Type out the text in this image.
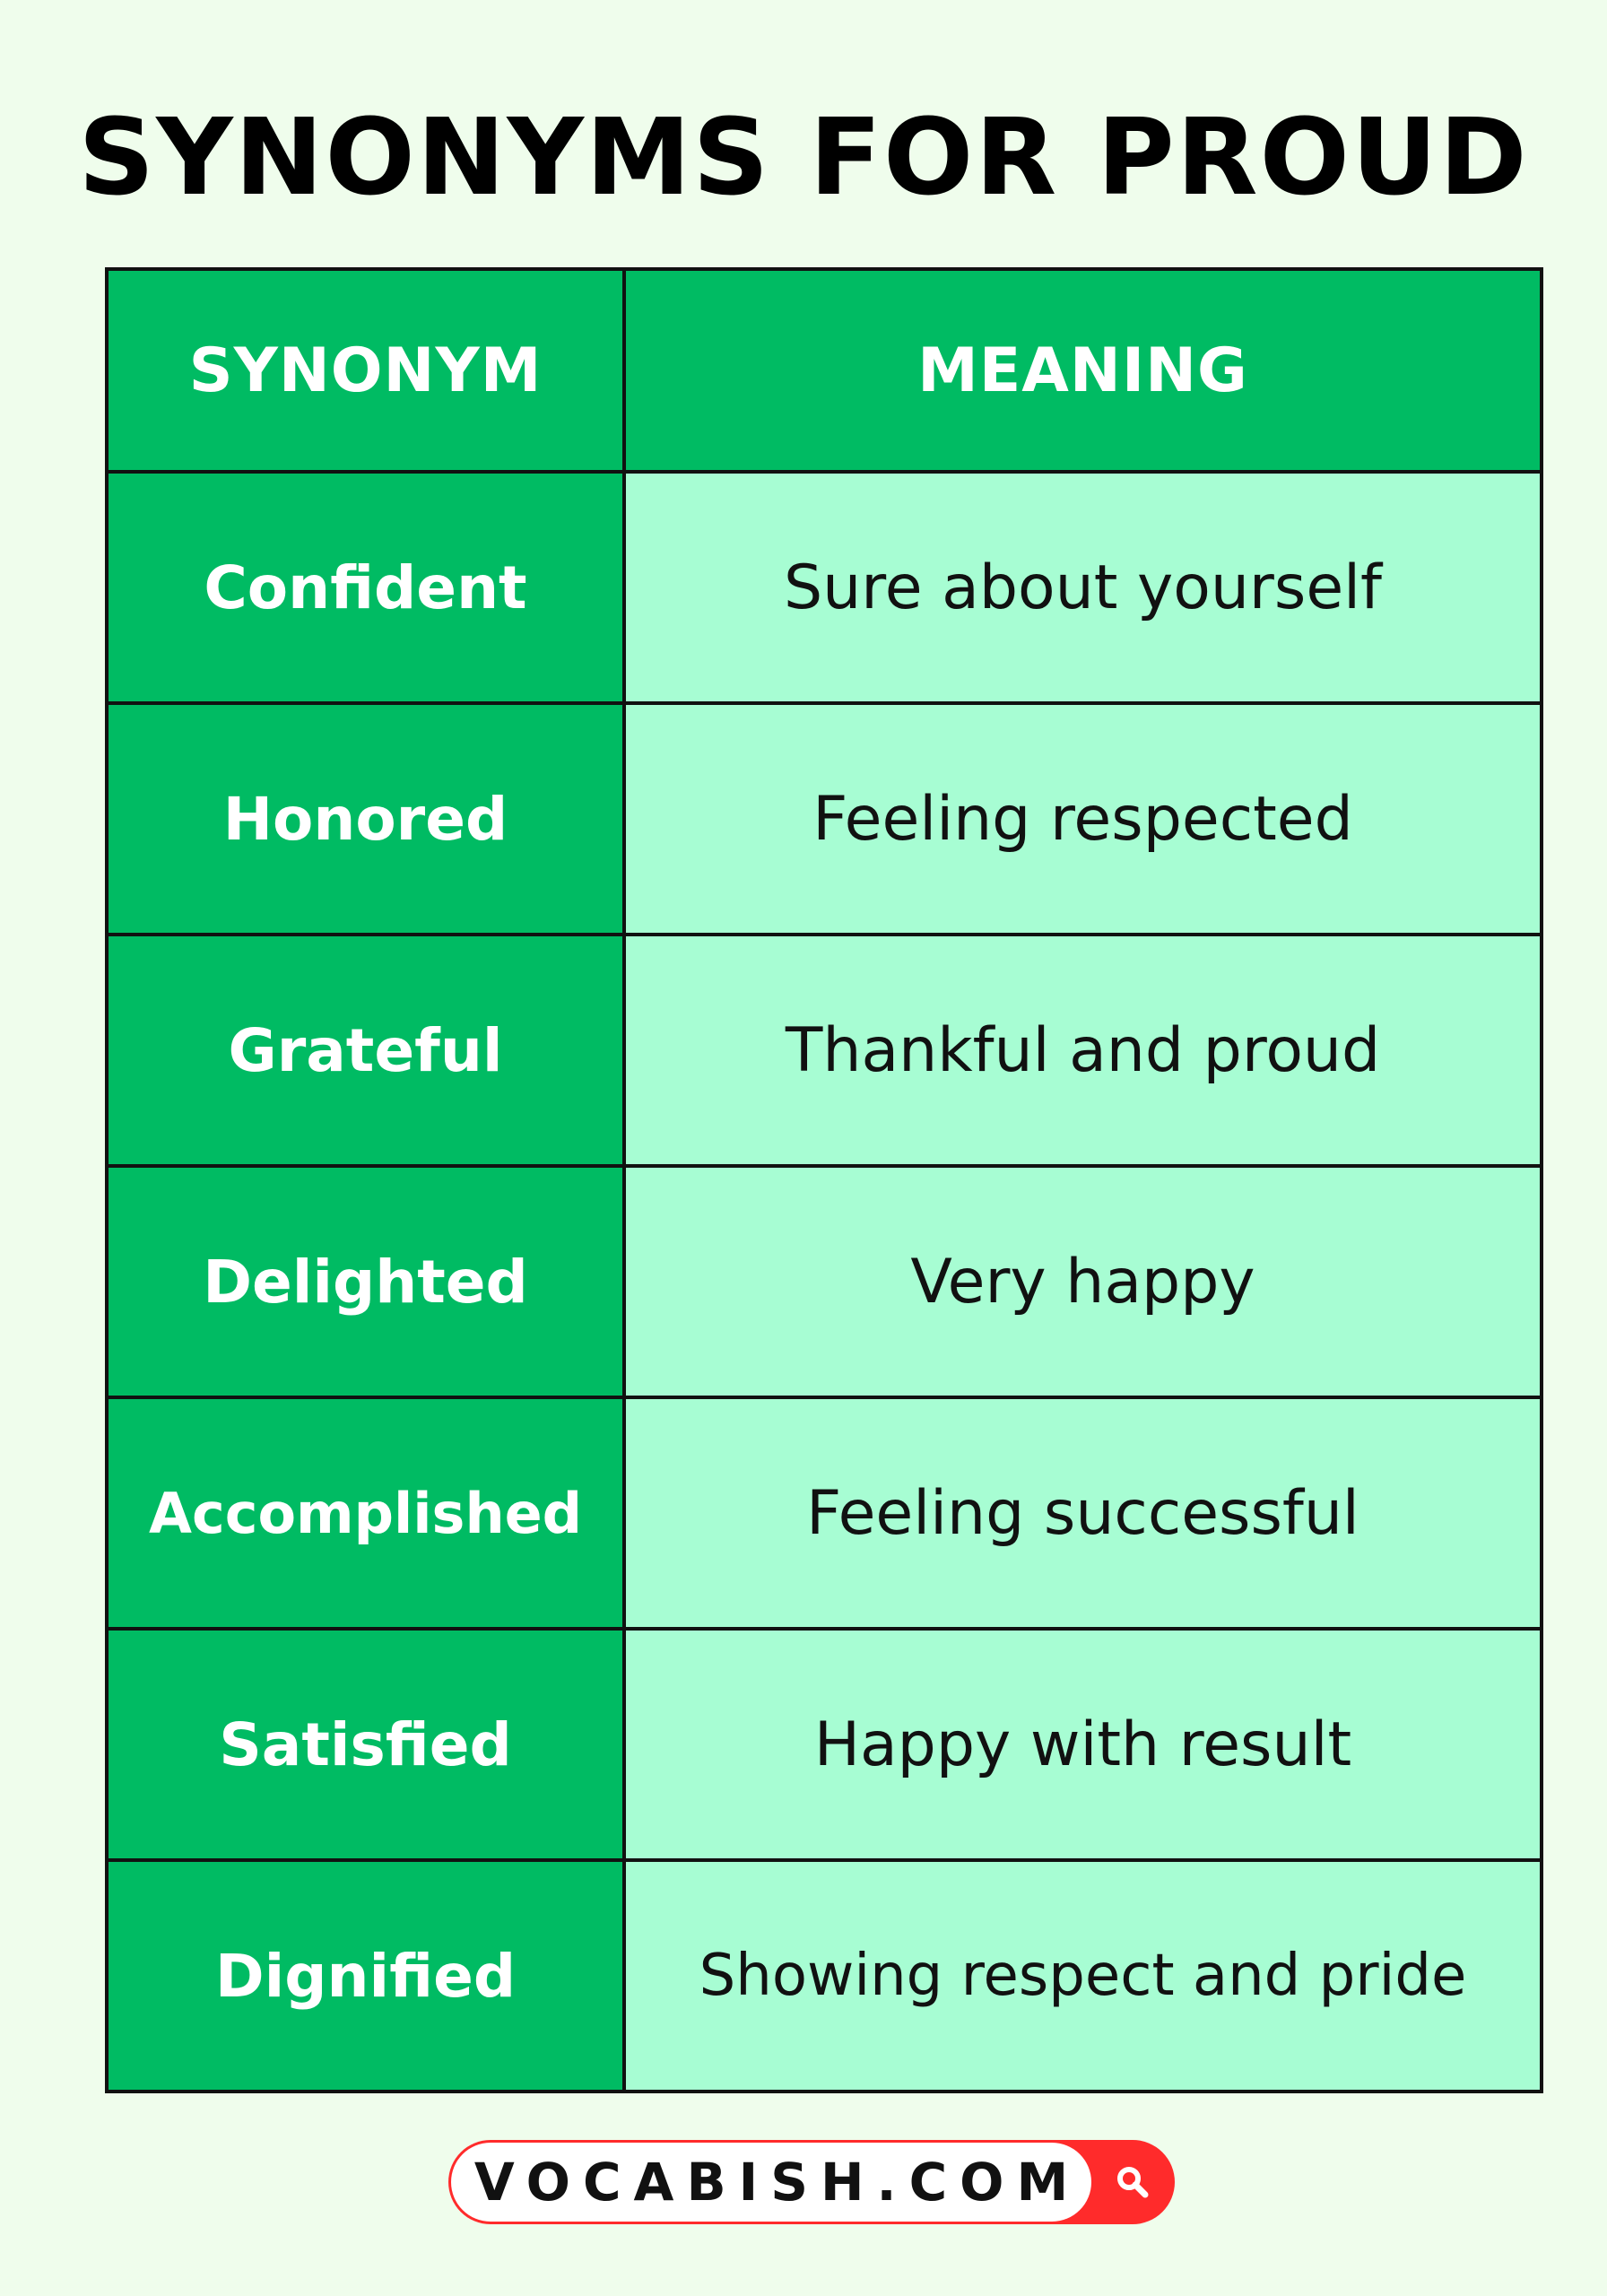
SYNONYMS FOR PROUD
SYNONYM	MEANING
Confident	Sure about yourself
Honored	Feeling respected
Grateful	Thankful and proud
Delighted	Very happy
Accomplished	Feeling successful
Satisfied	Happy with result
Dignified	Showing respect and pride
VOCABISH.COM
